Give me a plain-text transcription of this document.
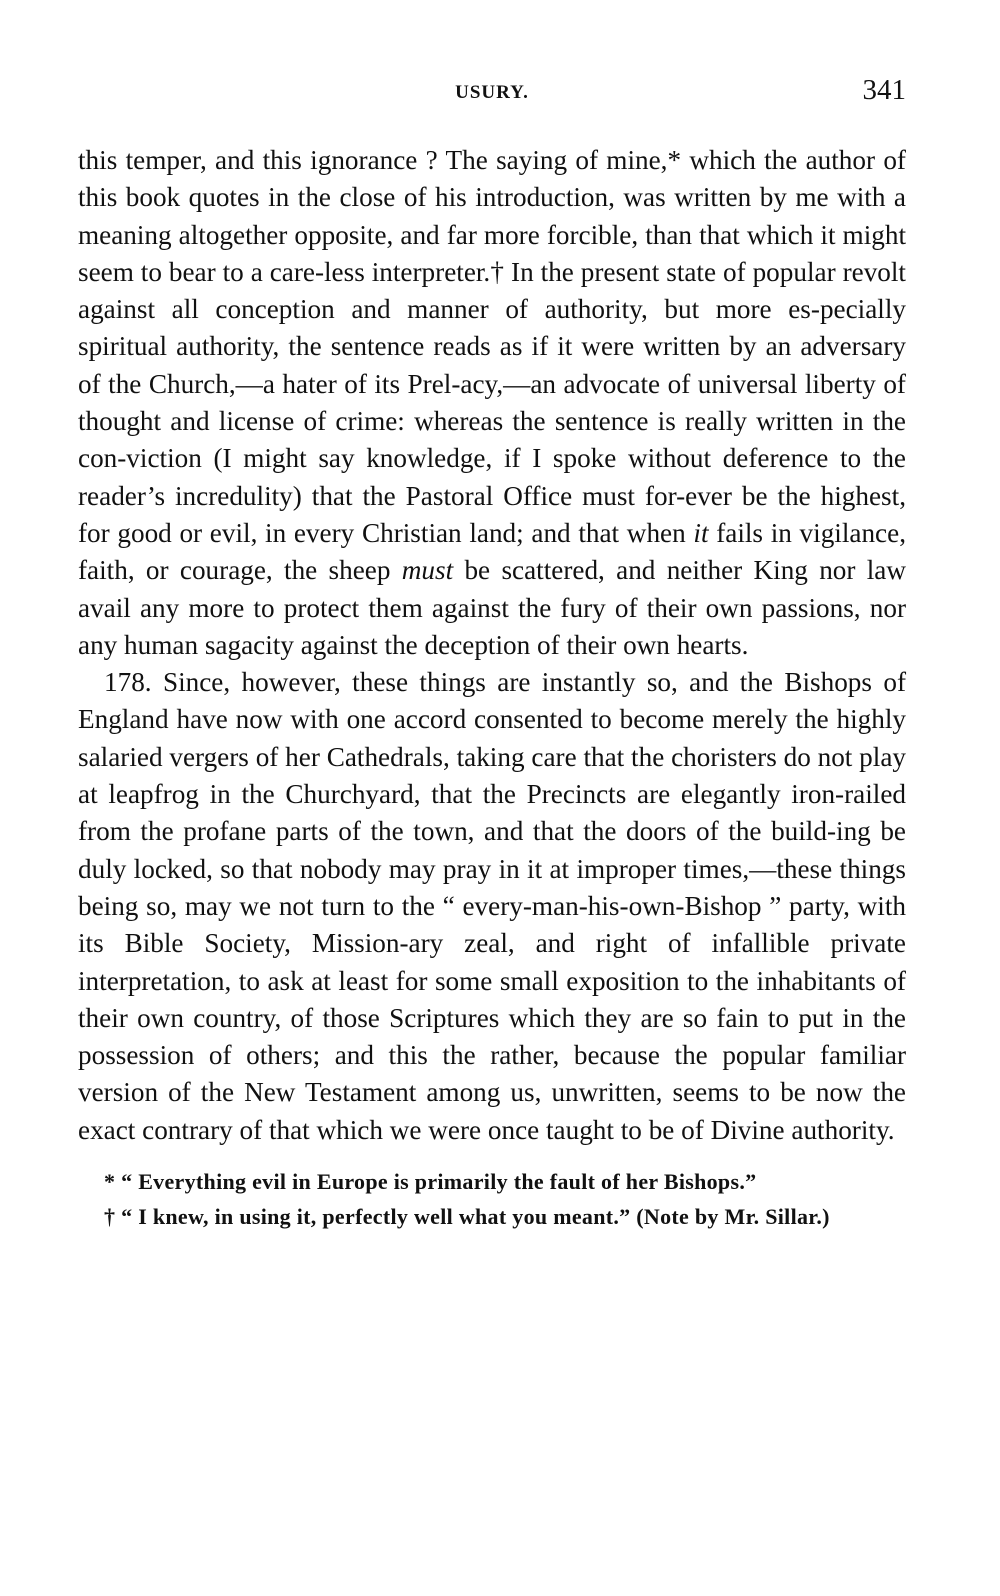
USURY.	341

this temper, and this ignorance ? The saying of mine,* which the author of this book quotes in the close of his introduction, was written by me with a meaning altogether opposite, and far more forcible, than that which it might seem to bear to a care-less interpreter.† In the present state of popular revolt against all conception and manner of authority, but more es-pecially spiritual authority, the sentence reads as if it were written by an adversary of the Church,—a hater of its Prel-acy,—an advocate of universal liberty of thought and license of crime: whereas the sentence is really written in the con-viction (I might say knowledge, if I spoke without deference to the reader’s incredulity) that the Pastoral Office must for-ever be the highest, for good or evil, in every Christian land; and that when it fails in vigilance, faith, or courage, the sheep must be scattered, and neither King nor law avail any more to protect them against the fury of their own passions, nor any human sagacity against the deception of their own hearts.

178. Since, however, these things are instantly so, and the Bishops of England have now with one accord consented to become merely the highly salaried vergers of her Cathedrals, taking care that the choristers do not play at leapfrog in the Churchyard, that the Precincts are elegantly iron-railed from the profane parts of the town, and that the doors of the build-ing be duly locked, so that nobody may pray in it at improper times,—these things being so, may we not turn to the “ every-man-his-own-Bishop ” party, with its Bible Society, Mission-ary zeal, and right of infallible private interpretation, to ask at least for some small exposition to the inhabitants of their own country, of those Scriptures which they are so fain to put in the possession of others; and this the rather, because the popular familiar version of the New Testament among us, unwritten, seems to be now the exact contrary of that which we were once taught to be of Divine authority.

* “ Everything evil in Europe is primarily the fault of her Bishops.”

† “ I knew, in using it, perfectly well what you meant.” (Note by Mr. Sillar.)
